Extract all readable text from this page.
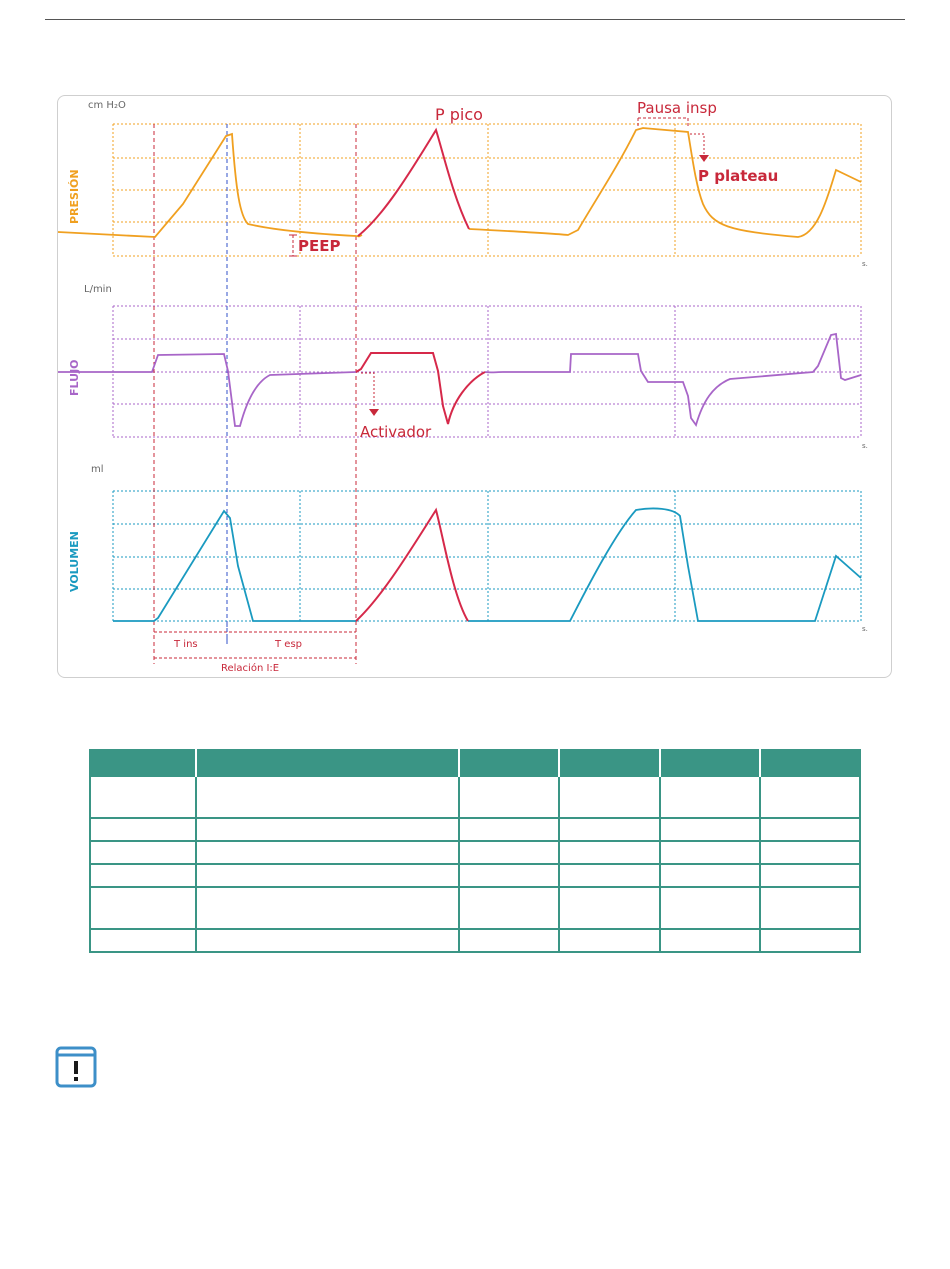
cm H₂O
L/min
ml
PRESIÓN
FLUJO
VOLUMEN
s.
s.
s.
P pico	Pausa insp
P plateau
PEEP
Activador
T ins	T esp
Relación I:E
